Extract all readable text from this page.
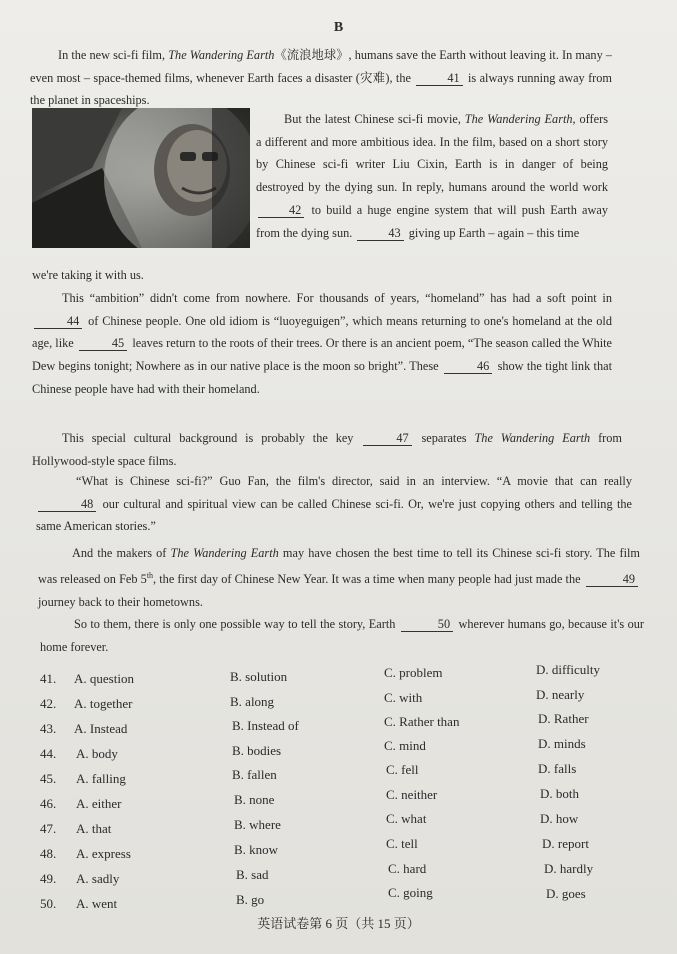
B
In the new sci-fi film, The Wandering Earth《流浪地球》, humans save the Earth without leaving it. In many – even most – space-themed films, whenever Earth faces a disaster (灾难), the	41 is always running away from the planet in spaceships.
But the latest Chinese sci-fi movie, The Wandering Earth, offers a different and more ambitious idea. In the film, based on a short story by Chinese sci-fi writer Liu Cixin, Earth is in danger of being destroyed by the dying sun. In reply, humans around the world work 42 to build a huge engine system that will push Earth away from the dying sun.	43 giving up Earth – again – this time
we're taking it with us.
This “ambition” didn't come from nowhere. For thousands of years, “homeland” has had a soft point in 44 of Chinese people. One old idiom is “luoyeguigen”, which means returning to one's homeland at the old age, like	45 leaves return to the roots of their trees. Or there is an ancient poem, “The season called the White Dew begins tonight; Nowhere as in our native place is the moon so bright”. These	46 show the tight link that Chinese people have had with their homeland.
This special cultural background is probably the key	47 separates The Wandering Earth from Hollywood-style space films.
“What is Chinese sci-fi?” Guo Fan, the film's director, said in an interview. “A movie that can really 48 our cultural and spiritual view can be called Chinese sci-fi. Or, we're just copying others and telling the same American stories.”
And the makers of The Wandering Earth may have chosen the best time to tell its Chinese sci-fi story. The film was released on Feb 5th, the first day of Chinese New Year. It was a time when many people had just made the	49 journey back to their hometowns.
So to them, there is only one possible way to tell the story, Earth	50 wherever humans go, because it's our home forever.
41. A. question	B. solution	C. problem	D. difficulty
42. A. together	B. along	C. with	D. nearly
43. A. Instead	B. Instead of	C. Rather than	D. Rather
44. A. body	B. bodies	C. mind	D. minds
45. A. falling	B. fallen	C. fell	D. falls
46. A. either	B. none	C. neither	D. both
47. A. that	B. where	C. what	D. how
48. A. express	B. know	C. tell	D. report
49. A. sadly	B. sad	C. hard	D. hardly
50. A. went	B. go	C. going	D. goes
英语试卷第 6 页（共 15 页）
